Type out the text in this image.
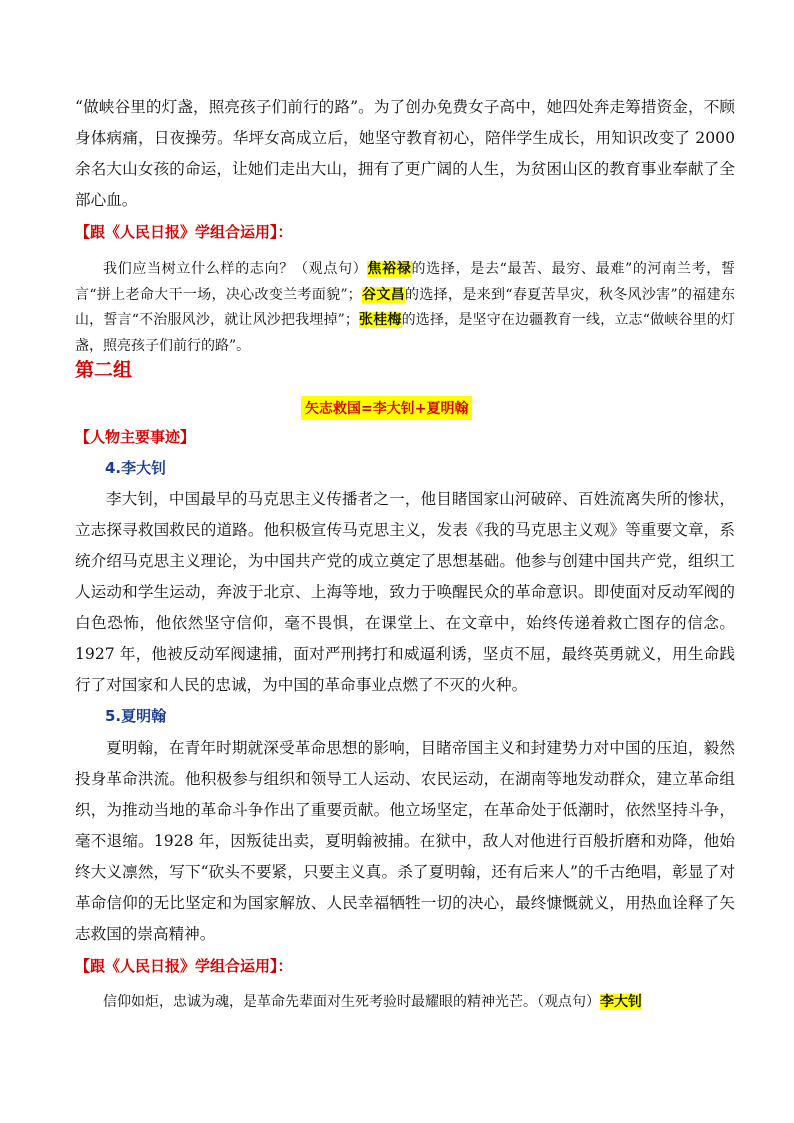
“做峡谷里的灯盏，照亮孩子们前行的路”。为了创办免费女子高中，她四处奔走筹措资金，不顾身体病痛，日夜操劳。华坪女高成立后，她坚守教育初心，陪伴学生成长，用知识改变了 2000 余名大山女孩的命运，让她们走出大山，拥有了更广阔的人生，为贫困山区的教育事业奉献了全部心血。

【跟《人民日报》学组合运用】：

我们应当树立什么样的志向？（观点句）焦裕禄的选择，是去“最苦、最穷、最难”的河南兰考，誓言“拼上老命大干一场，决心改变兰考面貌”；谷文昌的选择，是来到“春夏苦旱灾，秋冬风沙害”的福建东山，誓言“不治服风沙，就让风沙把我埋掉”；张桂梅的选择，是坚守在边疆教育一线，立志“做峡谷里的灯盏，照亮孩子们前行的路”。

第二组

矢志救国=李大钊+夏明翰

【人物主要事迹】

4.李大钊

李大钊，中国最早的马克思主义传播者之一，他目睹国家山河破碎、百姓流离失所的惨状，立志探寻救国救民的道路。他积极宣传马克思主义，发表《我的马克思主义观》等重要文章，系统介绍马克思主义理论，为中国共产党的成立奠定了思想基础。他参与创建中国共产党，组织工人运动和学生运动，奔波于北京、上海等地，致力于唤醒民众的革命意识。即使面对反动军阀的白色恐怖，他依然坚守信仰，毫不畏惧，在课堂上、在文章中，始终传递着救亡图存的信念。1927 年，他被反动军阀逮捕，面对严刑拷打和威逼利诱，坚贞不屈，最终英勇就义，用生命践行了对国家和人民的忠诚，为中国的革命事业点燃了不灭的火种。

5.夏明翰

夏明翰，在青年时期就深受革命思想的影响，目睹帝国主义和封建势力对中国的压迫，毅然投身革命洪流。他积极参与组织和领导工人运动、农民运动，在湖南等地发动群众，建立革命组织，为推动当地的革命斗争作出了重要贡献。他立场坚定，在革命处于低潮时，依然坚持斗争，毫不退缩。1928 年，因叛徒出卖，夏明翰被捕。在狱中，敌人对他进行百般折磨和劝降，他始终大义凛然，写下“砍头不要紧，只要主义真。杀了夏明翰，还有后来人”的千古绝唱，彰显了对革命信仰的无比坚定和为国家解放、人民幸福牺牲一切的决心，最终慷慨就义，用热血诠释了矢志救国的崇高精神。

【跟《人民日报》学组合运用】：

信仰如炬，忠诚为魂，是革命先辈面对生死考验时最耀眼的精神光芒。（观点句）李大钊
